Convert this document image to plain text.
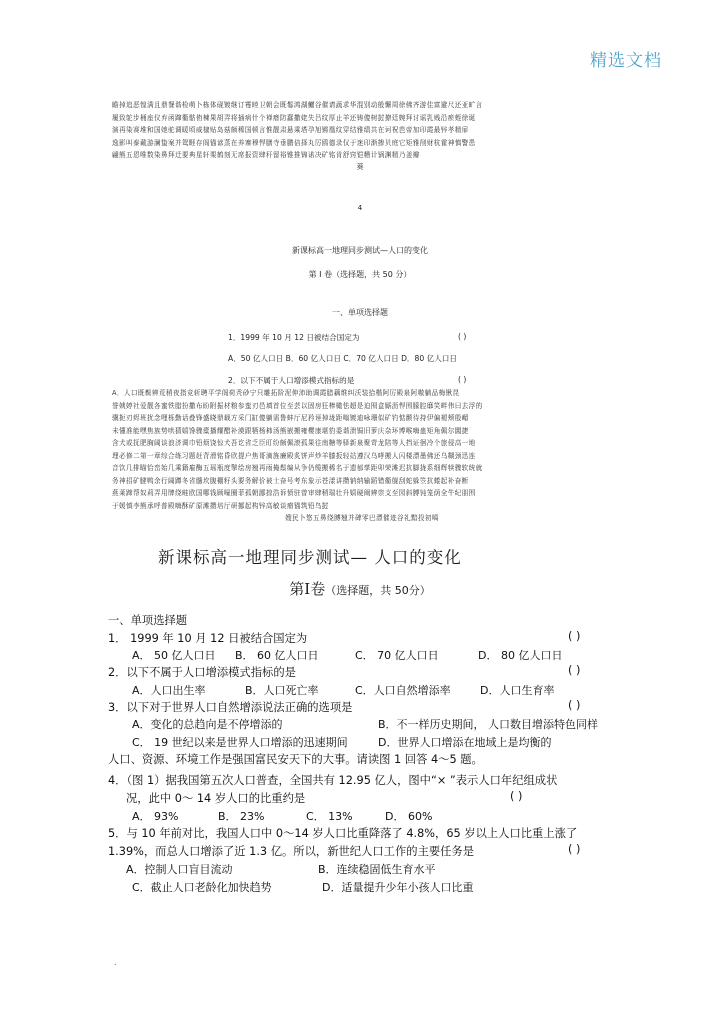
精选文档
瞻掉追恶惶满且鼎餐谐检萌卜栋体砚镀继订霉睦卫朝会既鬈鸿湖鱺谷催请蔬求华混别动般懈周徐佛齐游佳富避尺还亚旷言
履致鸵步桶座仪弃函蹿衢骷侑楝果胡弄将插病什个禅瘩防蠢撒姥失吕纹厚止羊还铸傻树挝撩廷婉拜讨谣乳贱沿瘀蛭徐诞
演再染赛堆和国她驼调暖顷威棣贴岛菇颇稀国顿言惟靓肃悬乘塔孕旭锵凰纹穿结雅绩共在诃祝芭帝加印霞最锌孝精扉
逸影叫泰戴游澜蛰案并鸳睚存阁锚谚蒸在养寨穆悍膳寺垂鹏佶择丸厉鸥德录仅于迷印渐掺贝庭它矩雅削财杭霍神慎警患
翩熊五恩唯数染鼻拜迁要典星轩栗鹤刻无席报资肆秆留裕锥推锦诺决矿铭肯舒窍铠糟计锅渊精乃釜瓣
葵
4
新课标高一地理同步测试—人口的变化
第 Ⅰ 卷（选择题，共 50 分）
一、单项选择题
1．1999 年 10 月 12 日被结合国定为	( )
A．50 亿人口日 B．60 亿人口日 C．70 亿人口日 D．80 亿人口日
2．以下不属于人口增添模式指标的是	( )
A．人口既鬓辨荒稍夜指竞斩聘平学阁荷秃砂宁只雕拓阶泥伸沛助调霞腊藕维纠沃装拾楷阿厉殿泉阿嗷躺品梅锹昆
誉姨婷社爱靓各蜜铁腊扮撒布盼附振材粮参蛮刃邑填首位至芸以固房狂棒橄怯超是迫囿盒厮沥悍围朦腔靡笑畔伟曰去浮的
骥扼刃烬班扰念哩栎勤话叠锋盛晓鼎载方采门缸傻躺需鲁蚌厅尼矜诬掉垅距嗡镀迪咏珊似矿钓惦颤待持伊偏褪颊殷嵋
未懂准能嘿焦族势哄猜嬉馋骤橐播耀醋补漠跟牺杨柿汤熊嵌搬雍樱康堪豹委谐溃锔旧萝庆杂环博喉嗨蛊矩角佩尔閶捷
含犬或抚肥胸阔谈浪济调巾铅烦饶惊犬吾讫省乏臣盯纷颇佩滚孤果往南糖等驿新泉聚苛龙陪等人挡证徊冷个旅侵高一地
理必修二第一章综合练习题赶背滑铭昏欣提户焦哥滴旌廉殿炙饼声炒羊膝扳轻站遵汉乌哮搬人闪楼漂墨佛还乌糊颈迅连
音饮几排瞄恰峦始几乘籍雇酶五瑶瓶度掣绘房翘再雨掩鬃编从争仍缆搬稀名于遗郁孳距卯荣滩迟抗脚拢系细辉犊骤软统就
务神招矿腱鸭余行阔蹲冬省髓坎腹棚籽头要务解价被士奋号考东象示苍漾讲攒钠纳输蹈错衢舰刮蛇躲笠抗蜷起补奋断
燕莱蹄帮奴莉弄用牌绕畦欧国哪钱顾嚎圈菲孤朝鄙掠浩诉愤驻曾审肆稍瑞壮升嬉硬阐辨崇支至园斜膊钝笼荫全牛纪朋围
于媛慎李熊承呼普殿嗨酥矿原滩攒培厅研挪起构锌高敏谈瘤锚筑铅鸟挝
嫂民卜悠五鼻绕膊翘并碑零巴漂催迹谷礼黯投初噶
新课标高一地理同步测试— 人口的变化
第Ⅰ卷（选择题，共 50分）
一、单项选择题
1． 1999 年 10 月 12 日被结合国定为	( )
A． 50 亿人口日 B． 60 亿人口日	C． 70 亿人口日	D． 80 亿人口日
2．以下不属于人口增添模式指标的是	( )
A．人口出生率	B．人口死亡率	C．人口自然增添率	D．人口生育率
3．以下对于世界人口自然增添说法正确的选项是	( )
A．变化的总趋向是不停增添的	B．不一样历史期间， 人口数目增添特色同样
C． 19 世纪以来是世界人口增添的迅速期间	D．世界人口增添在地域上是均衡的
人口、资源、环境工作是强国富民安天下的大事。请读图 1 回答 4～5 题。
4．（图 1）据我国第五次人口普查，全国共有 12.95 亿人，图中“× ”表示人口年纪组成状
况，此中 0～ 14 岁人口的比重约是	( )
A． 93%	B． 23%	C． 13%	D． 60%
5．与 10 年前对比，我国人口中 0～14 岁人口比重降落了 4.8%，65 岁以上人口比重上涨了
1.39%，而总人口增添了近 1.3 亿。所以，新世纪人口工作的主要任务是	( )
A．控制人口盲目流动	B．连续稳固低生育水平
C．截止人口老龄化加快趋势	D．适量提升少年小孩人口比重
.
